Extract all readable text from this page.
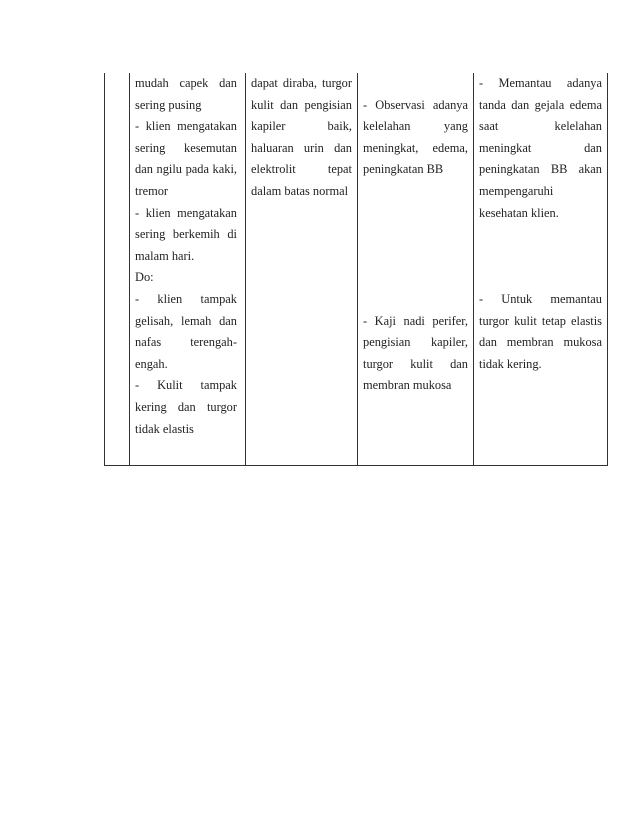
mudah capek dan
sering pusing
- klien mengatakan
sering kesemutan
dan ngilu pada kaki,
tremor
- klien mengatakan
sering berkemih di
malam hari.
Do:
- klien tampak
gelisah, lemah dan
nafas terengah-
engah.
- Kulit tampak
kering dan turgor
tidak elastis
dapat diraba, turgor
kulit dan pengisian
kapiler baik,
haluaran urin dan
elektrolit tepat
dalam batas normal
- Observasi adanya
kelelahan yang
meningkat, edema,
peningkatan BB
- Kaji nadi perifer,
pengisian kapiler,
turgor kulit dan
membran mukosa
- Memantau adanya
tanda dan gejala edema
saat kelelahan
meningkat dan
peningkatan BB akan
mempengaruhi
kesehatan klien.
- Untuk memantau
turgor kulit tetap elastis
dan membran mukosa
tidak kering.
